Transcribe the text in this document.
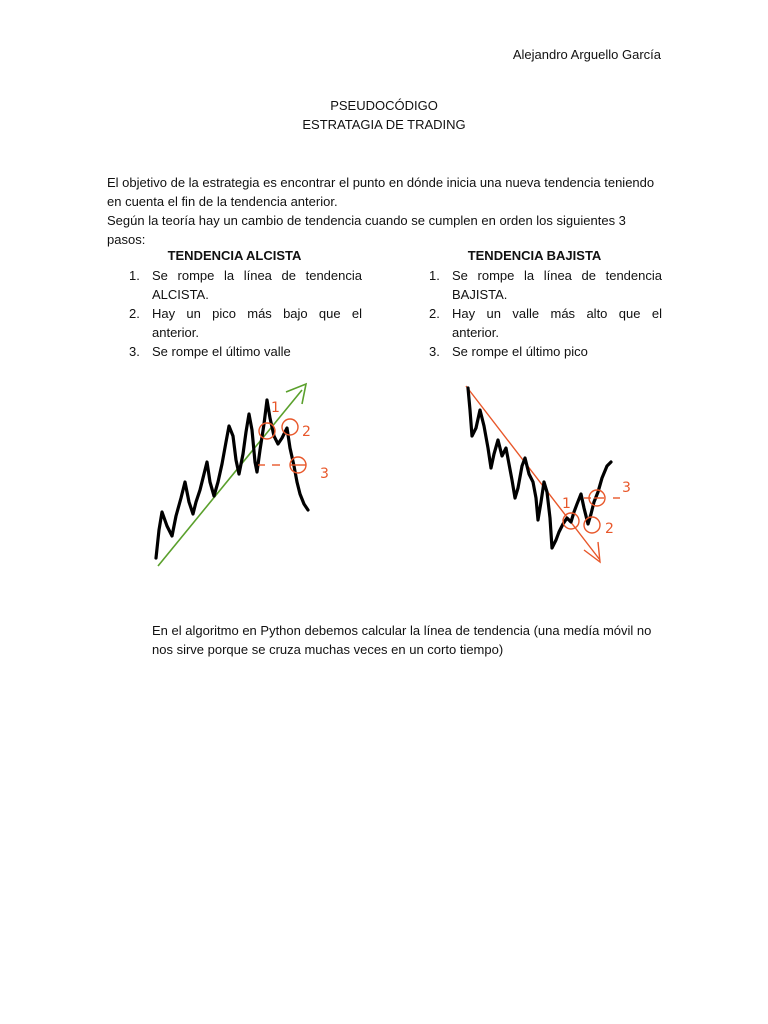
Alejandro Arguello García
PSEUDOCÓDIGO
ESTRATAGIA DE TRADING

El objetivo de la estrategia es encontrar el punto en dónde inicia una nueva tendencia teniendo en cuenta el fin de la tendencia anterior.

Según la teoría hay un cambio de tendencia cuando se cumplen en orden los siguientes 3 pasos:

TENDENCIA ALCISTA
1. Se rompe la línea de tendencia ALCISTA.
2. Hay un pico más bajo que el anterior.
3. Se rompe el último valle
TENDENCIA BAJISTA
1. Se rompe la línea de tendencia BAJISTA.
2. Hay un valle más alto que el anterior.
3. Se rompe el último pico
1
2
3
1
2
3

En el algoritmo en Python debemos calcular la línea de tendencia (una medía móvil no nos sirve porque se cruza muchas veces en un corto tiempo)
